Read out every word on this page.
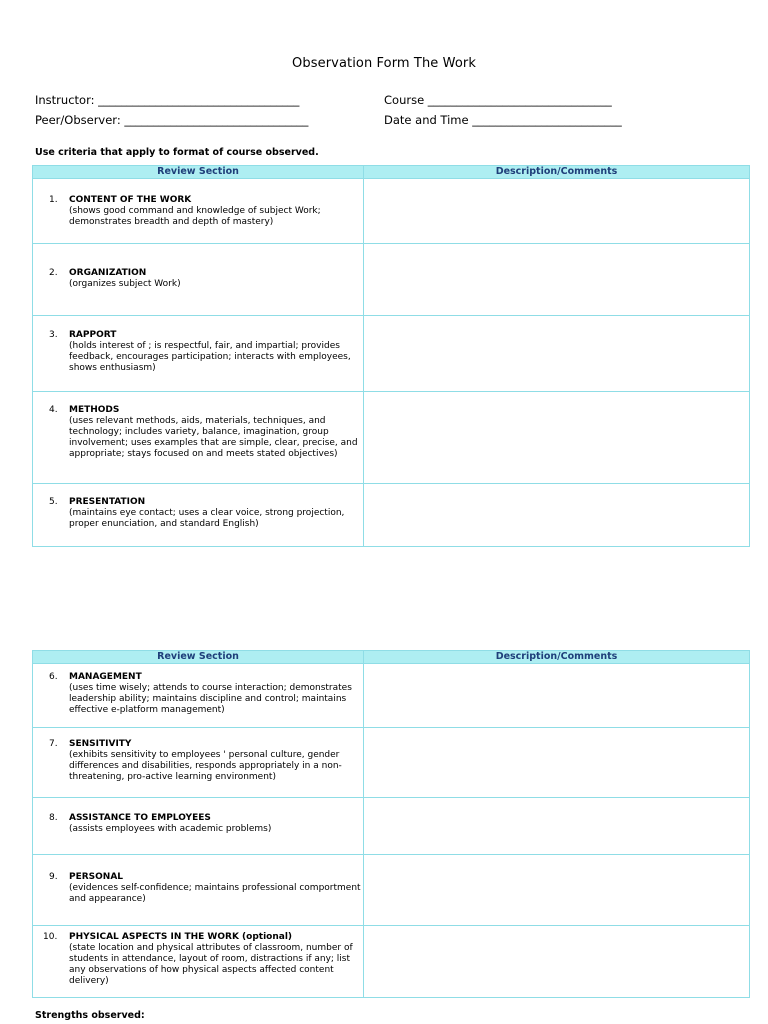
Observation Form The Work
Instructor: ___________________________________	Course ________________________________
Peer/Observer: ________________________________	Date and Time __________________________
Use criteria that apply to format of course observed.
Review Section	Description/Comments

1. CONTENT OF THE WORK
(shows good command and knowledge of subject Work; demonstrates breadth and depth of mastery)	

2. ORGANIZATION
(organizes subject Work)	

3. RAPPORT
(holds interest of ; is respectful, fair, and impartial; provides feedback, encourages participation; interacts with employees, shows enthusiasm)	

4. METHODS
(uses relevant methods, aids, materials, techniques, and technology; includes variety, balance, imagination, group involvement; uses examples that are simple, clear, precise, and appropriate; stays focused on and meets stated objectives)	

5. PRESENTATION
(maintains eye contact; uses a clear voice, strong projection, proper enunciation, and standard English)	

Review Section	Description/Comments

6. MANAGEMENT
(uses time wisely; attends to course interaction; demonstrates leadership ability; maintains discipline and control; maintains effective e-platform management)	

7. SENSITIVITY
(exhibits sensitivity to employees ' personal culture, gender differences and disabilities, responds appropriately in a non-threatening, pro-active learning environment)	

8. ASSISTANCE TO EMPLOYEES
(assists employees with academic problems)	

9. PERSONAL
(evidences self-confidence; maintains professional comportment and appearance)	

10. PHYSICAL ASPECTS IN THE WORK (optional)
(state location and physical attributes of classroom, number of students in attendance, layout of room, distractions if any; list any observations of how physical aspects affected content delivery)	

Strengths observed:
